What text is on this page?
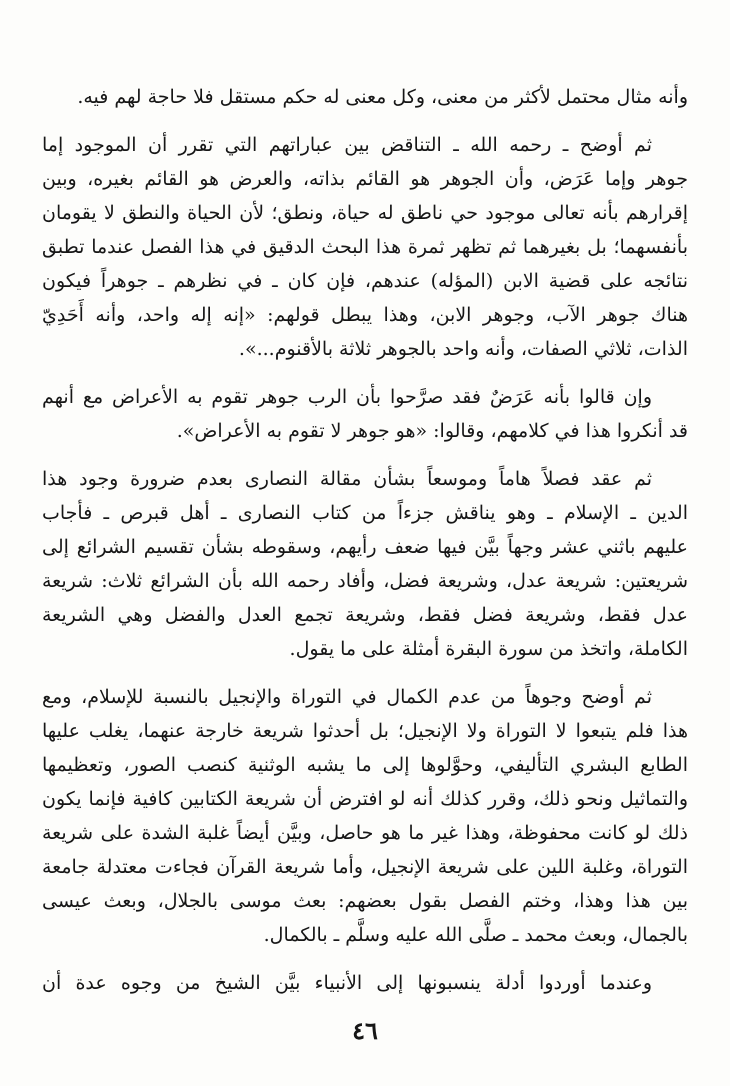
وأنه مثال محتمل لأكثر من معنى، وكل معنى له حكم مستقل فلا حاجة لهم فيه.
ثم أوضح ـ رحمه الله ـ التناقض بين عباراتهم التي تقرر أن الموجود إما
جوهر وإما عَرَض، وأن الجوهر هو القائم بذاته، والعرض هو القائم بغيره، وبين
إقرارهم بأنه تعالى موجود حي ناطق له حياة، ونطق؛ لأن الحياة والنطق لا يقومان
بأنفسهما؛ بل بغيرهما ثم تظهر ثمرة هذا البحث الدقيق في هذا الفصل عندما تطبق
نتائجه على قضية الابن (المؤله) عندهم، فإن كان ـ في نظرهم ـ جوهراً فيكون
هناك جوهر الآب، وجوهر الابن، وهذا يبطل قولهم: «إنه إله واحد، وأنه أَحَدِيّ
الذات، ثلاثي الصفات، وأنه واحد بالجوهر ثلاثة بالأقنوم...».
وإن قالوا بأنه عَرَضٌ فقد صرَّحوا بأن الرب جوهر تقوم به الأعراض مع أنهم
قد أنكروا هذا في كلامهم، وقالوا: «هو جوهر لا تقوم به الأعراض».
ثم عقد فصلاً هاماً وموسعاً بشأن مقالة النصارى بعدم ضرورة وجود هذا
الدين ـ الإسلام ـ وهو يناقش جزءاً من كتاب النصارى ـ أهل قبرص ـ فأجاب
عليهم باثني عشر وجهاً بيَّن فيها ضعف رأيهم، وسقوطه بشأن تقسيم الشرائع إلى
شريعتين: شريعة عدل، وشريعة فضل، وأفاد رحمه الله بأن الشرائع ثلاث: شريعة
عدل فقط، وشريعة فضل فقط، وشريعة تجمع العدل والفضل وهي الشريعة
الكاملة، واتخذ من سورة البقرة أمثلة على ما يقول.
ثم أوضح وجوهاً من عدم الكمال في التوراة والإنجيل بالنسبة للإسلام، ومع
هذا فلم يتبعوا لا التوراة ولا الإنجيل؛ بل أحدثوا شريعة خارجة عنهما، يغلب عليها
الطابع البشري التأليفي، وحوَّلوها إلى ما يشبه الوثنية كنصب الصور، وتعظيمها
والتماثيل ونحو ذلك، وقرر كذلك أنه لو افترض أن شريعة الكتابين كافية فإنما يكون
ذلك لو كانت محفوظة، وهذا غير ما هو حاصل، وبيَّن أيضاً غلبة الشدة على شريعة
التوراة، وغلبة اللين على شريعة الإنجيل، وأما شريعة القرآن فجاءت معتدلة جامعة
بين هذا وهذا، وختم الفصل بقول بعضهم: بعث موسى بالجلال، وبعث عيسى
بالجمال، وبعث محمد ـ صلَّى الله عليه وسلَّم ـ بالكمال.
وعندما أوردوا أدلة ينسبونها إلى الأنبياء بيَّن الشيخ من وجوه عدة أن
٤٦
